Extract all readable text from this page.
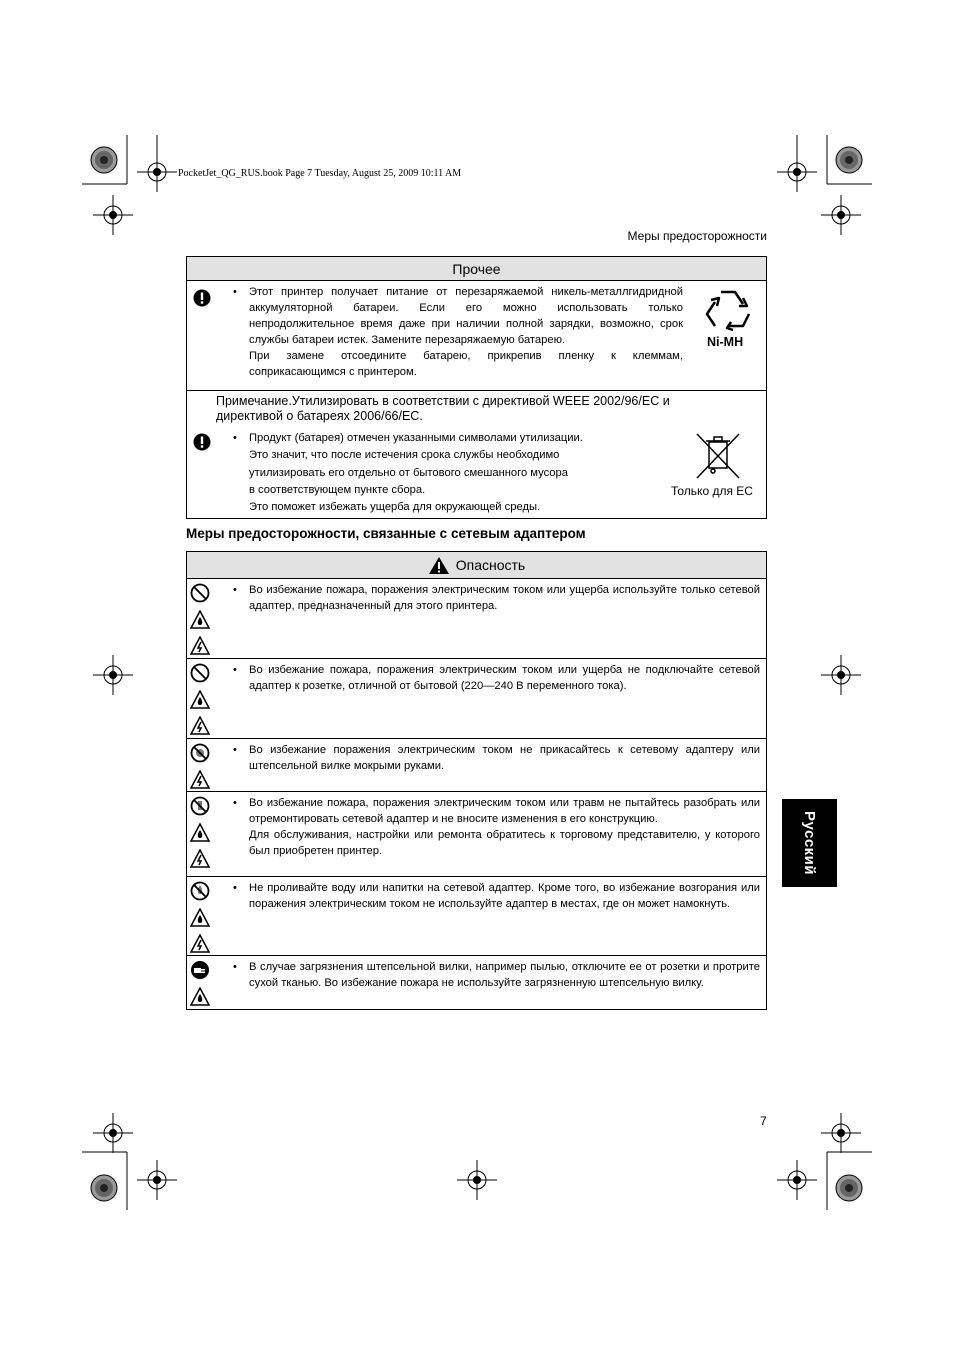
PocketJet_QG_RUS.book Page 7 Tuesday, August 25, 2009 10:11 AM
Меры предосторожности
Прочее
• Этот принтер получает питание от перезаряжаемой никель-металлгидридной аккумуляторной батареи. Если его можно использовать только непродолжительное время даже при наличии полной зарядки, возможно, срок службы батареи истек. Замените перезаряжаемую батарею.

При замене отсоедините батарею, прикрепив пленку к клеммам, соприкасающимся с принтером.

Ni-MH
Примечание.Утилизировать в соответствии с директивой WEEE 2002/96/EC и директивой о батареях 2006/66/EC.
• Продукт (батарея) отмечен указанными символами утилизации.

Это значит, что после истечения срока службы необходимо

утилизировать его отдельно от бытового смешанного мусора

в соответствующем пункте сбора.

Это поможет избежать ущерба для окружающей среды.

Только для ЕС
Меры предосторожности, связанные с сетевым адаптером
Опасность
• Во избежание пожара, поражения электрическим током или ущерба используйте только сетевой адаптер, предназначенный для этого принтера.

• Во избежание пожара, поражения электрическим током или ущерба не подключайте сетевой адаптер к розетке, отличной от бытовой (220—240 В переменного тока).

• Во избежание поражения электрическим током не прикасайтесь к сетевому адаптеру или штепсельной вилке мокрыми руками.

• Во избежание пожара, поражения электрическим током или травм не пытайтесь разобрать или отремонтировать сетевой адаптер и не вносите изменения в его конструкцию.

Для обслуживания, настройки или ремонта обратитесь к торговому представителю, у которого был приобретен принтер.

• Не проливайте воду или напитки на сетевой адаптер. Кроме того, во избежание возгорания или поражения электрическим током не используйте адаптер в местах, где он может намокнуть.

• В случае загрязнения штепсельной вилки, например пылью, отключите ее от розетки и протрите сухой тканью. Во избежание пожара не используйте загрязненную штепсельную вилку.

Русский
7
